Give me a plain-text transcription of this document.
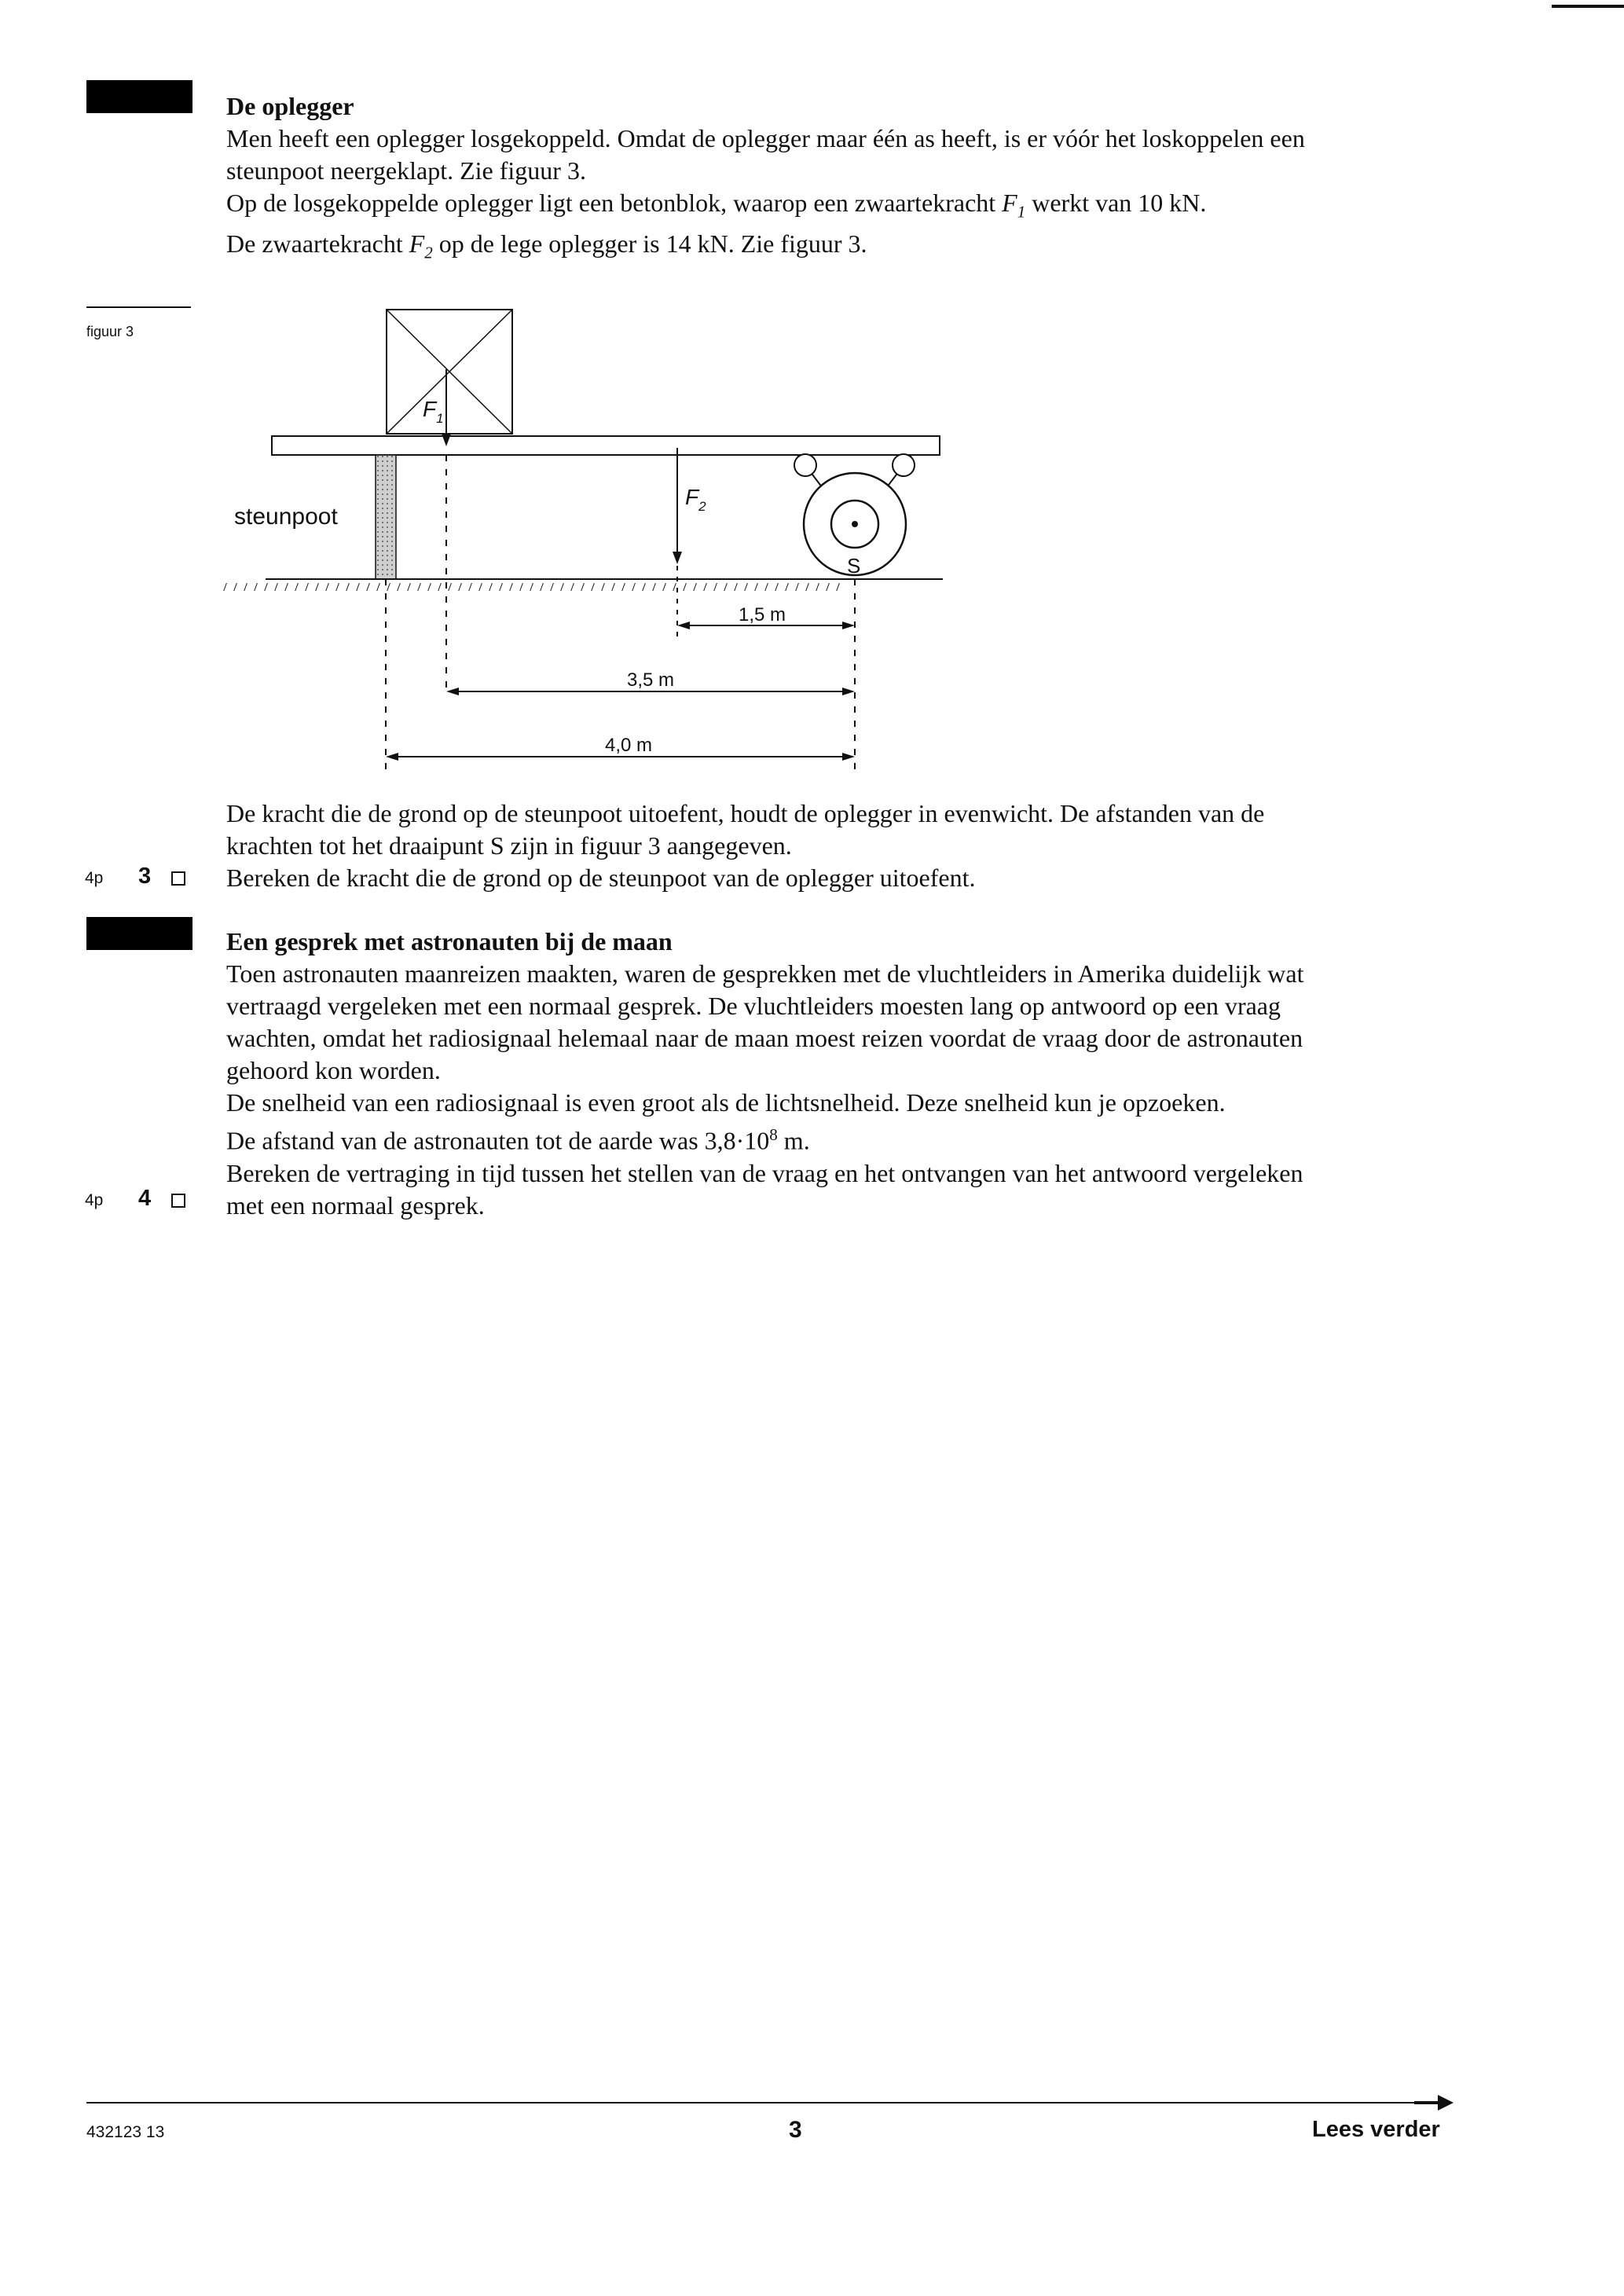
De oplegger

Men heeft een oplegger losgekoppeld. Omdat de oplegger maar één as heeft, is er vóór het loskoppelen een steunpoot neergeklapt. Zie figuur 3.

Op de losgekoppelde oplegger ligt een betonblok, waarop een zwaartekracht $F_1$ werkt van 10 kN.

De zwaartekracht $F_2$ op de lege oplegger is 14 kN. Zie figuur 3.

figuur 3
$F_1$
steunpoot
$F_2$
S
1,5 m
3,5 m
4,0 m

De kracht die de grond op de steunpoot uitoefent, houdt de oplegger in evenwicht. De afstanden van de krachten tot het draaipunt S zijn in figuur 3 aangegeven.

Bereken de kracht die de grond op de steunpoot van de oplegger uitoefent.

4p 3

Een gesprek met astronauten bij de maan

Toen astronauten maanreizen maakten, waren de gesprekken met de vluchtleiders in Amerika duidelijk wat vertraagd vergeleken met een normaal gesprek. De vluchtleiders moesten lang op antwoord op een vraag wachten, omdat het radiosignaal helemaal naar de maan moest reizen voordat de vraag door de astronauten gehoord kon worden.

De snelheid van een radiosignaal is even groot als de lichtsnelheid. Deze snelheid kun je opzoeken.

De afstand van de astronauten tot de aarde was $3,8\cdot 10^8$ m.

Bereken de vertraging in tijd tussen het stellen van de vraag en het ontvangen van het antwoord vergeleken met een normaal gesprek.

4p 4
432123 13	3	Lees verder
